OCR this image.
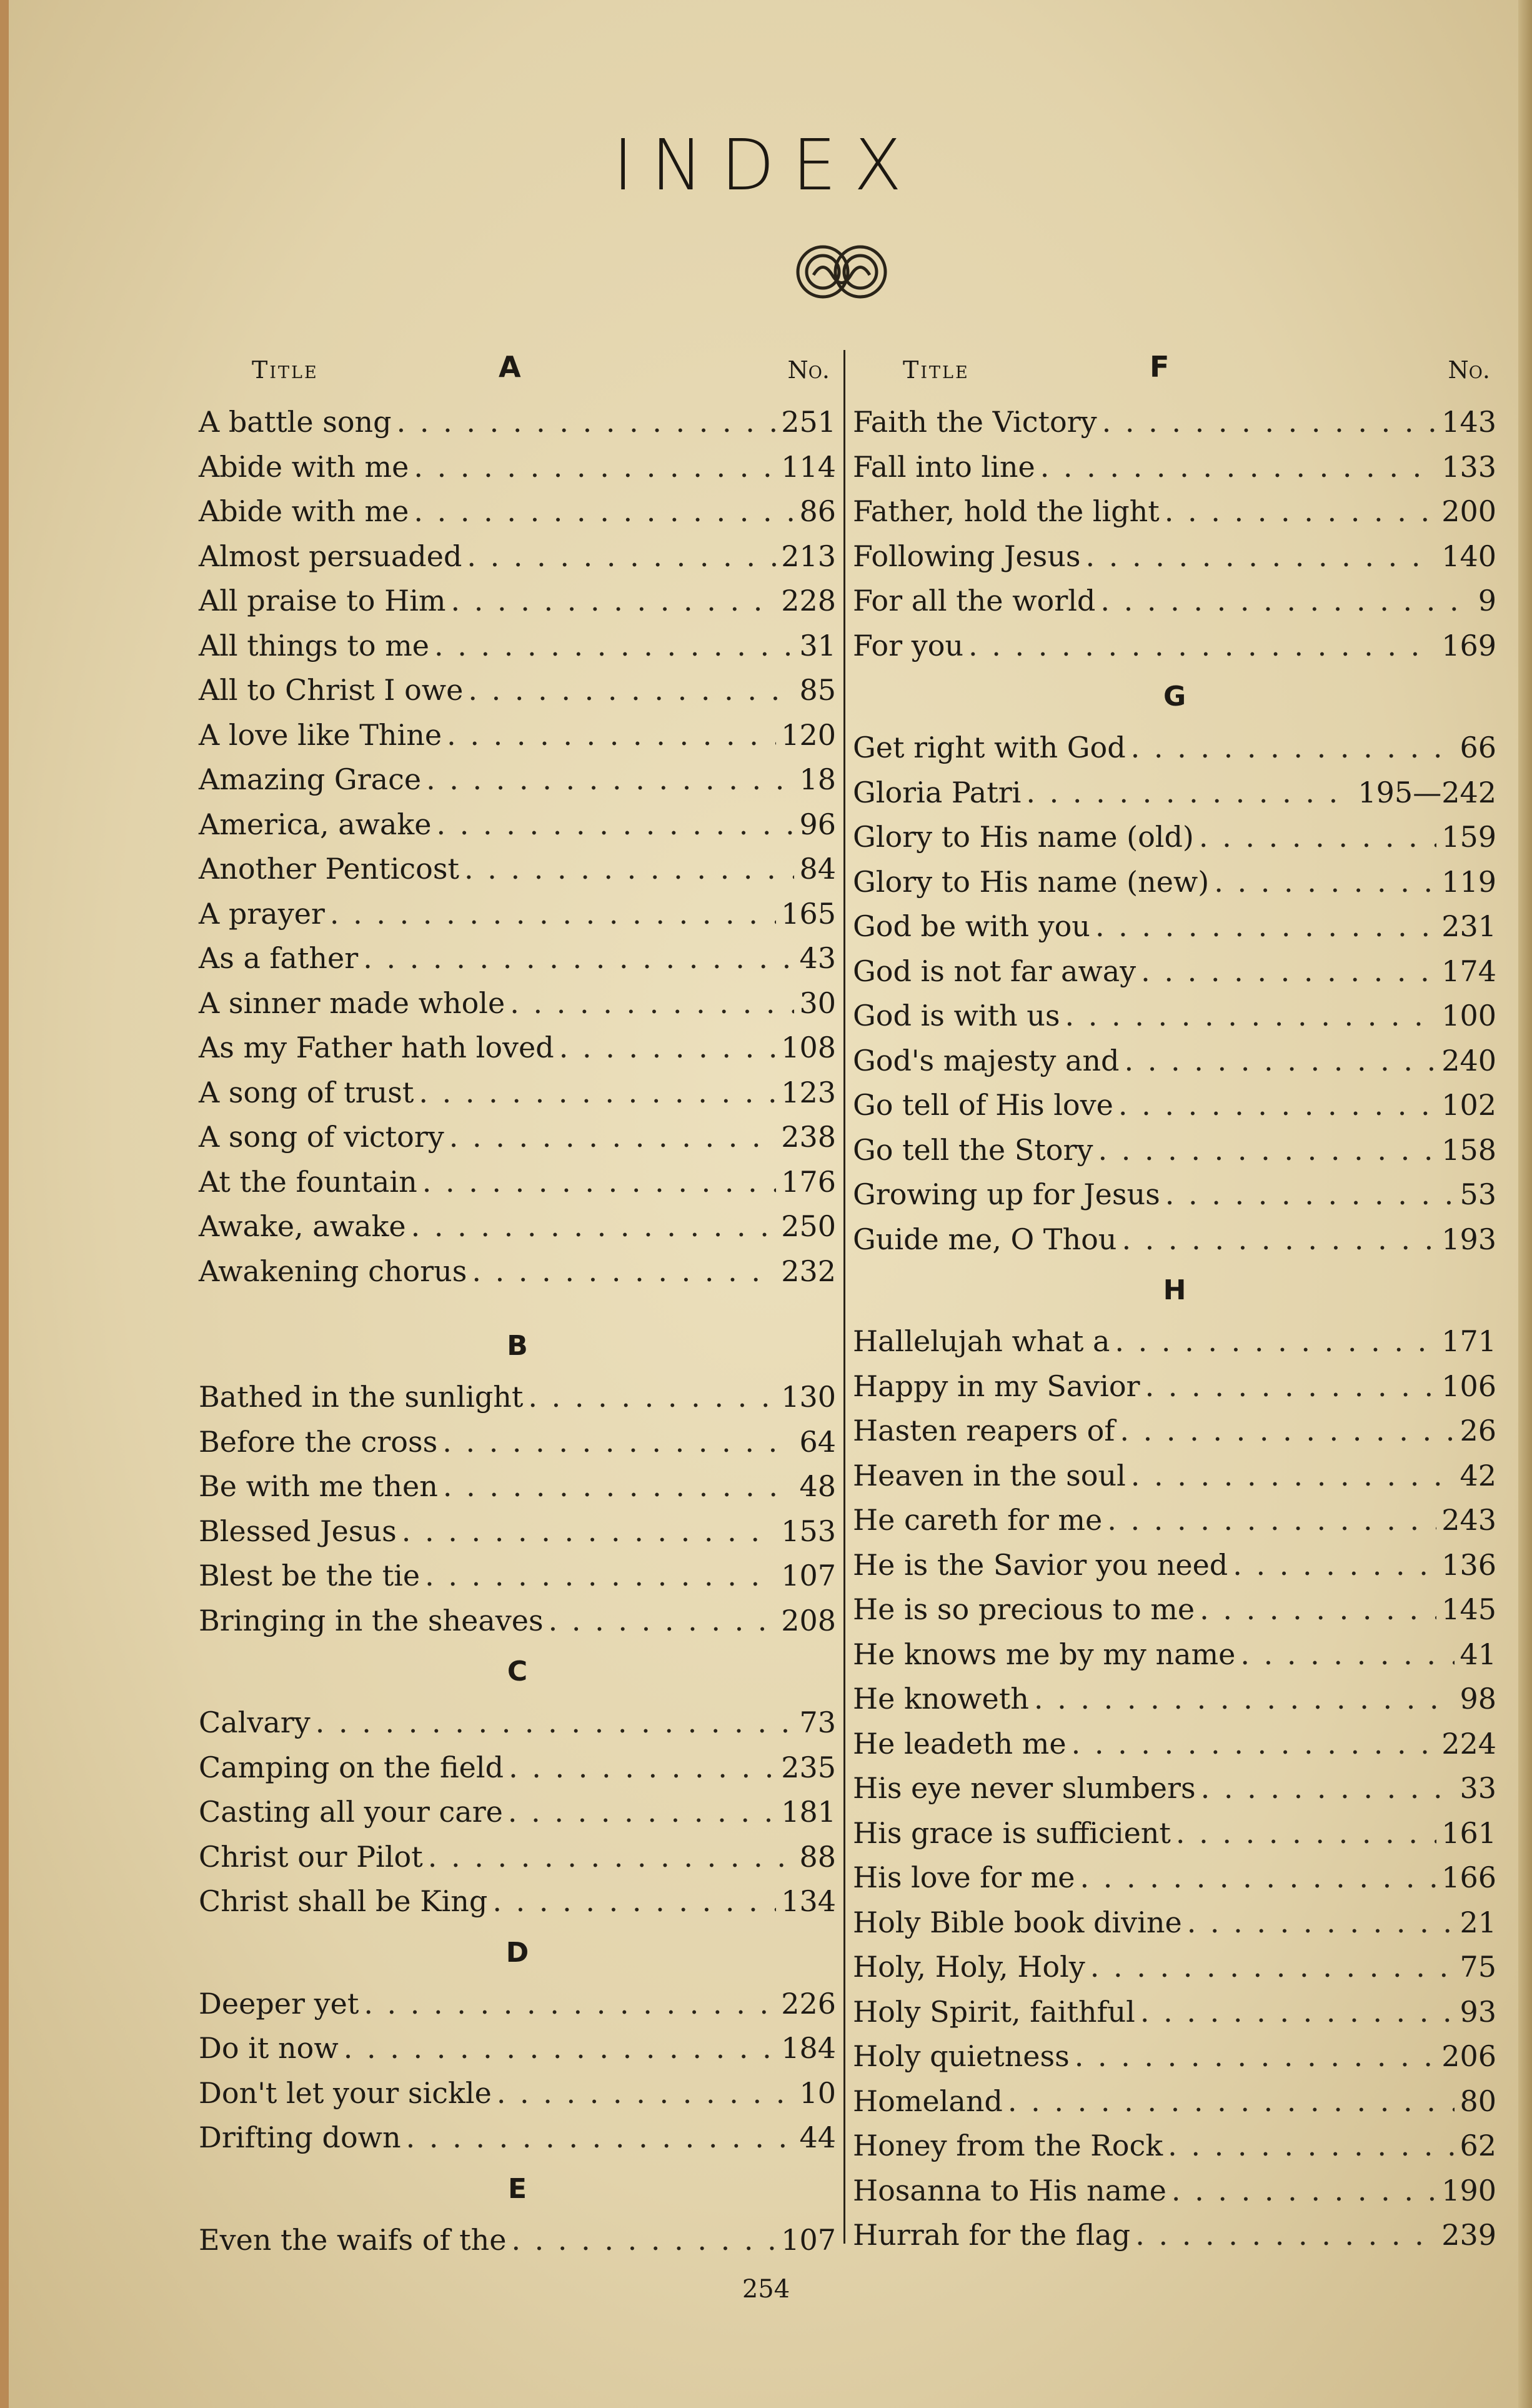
INDEX
Title	A	No.
A battle song . . .	251
Abide with me . . .	114
Abide with me . . .	86
Almost persuaded . . .	213
All praise to Him . . .	228
All things to me . . .	31
All to Christ I owe . . .	85
A love like Thine . . .	120
Amazing Grace . . .	18
America, awake . . .	96
Another Penticost . . .	84
A prayer . . .	165
As a father . . .	43
A sinner made whole . . .	30
As my Father hath loved . . .	108
A song of trust . . .	123
A song of victory . . .	238
At the fountain . . .	176
Awake, awake . . .	250
Awakening chorus . . .	232
B
Bathed in the sunlight . . .	130
Before the cross . . .	64
Be with me then . . .	48
Blessed Jesus . . .	153
Blest be the tie . . .	107
Bringing in the sheaves . . .	208
C
Calvary . . .	73
Camping on the field . . .	235
Casting all your care . . .	181
Christ our Pilot . . .	88
Christ shall be King . . .	134
D
Deeper yet . . .	226
Do it now . . .	184
Don't let your sickle . . .	10
Drifting down . . .	44
E
Even the waifs of the . . .	107
Title	F	No.
Faith the Victory . . .	143
Fall into line . . .	133
Father, hold the light . . .	200
Following Jesus . . .	140
For all the world . . .	9
For you . . .	169
G
Get right with God . . .	66
Gloria Patri . . .	195—242
Glory to His name (old) . . .	159
Glory to His name (new) . . .	119
God be with you . . .	231
God is not far away . . .	174
God is with us . . .	100
God's majesty and . . .	240
Go tell of His love . . .	102
Go tell the Story . . .	158
Growing up for Jesus . . .	53
Guide me, O Thou . . .	193
H
Hallelujah what a . . .	171
Happy in my Savior . . .	106
Hasten reapers of . . .	26
Heaven in the soul . . .	42
He careth for me . . .	243
He is the Savior you need . . .	136
He is so precious to me . . .	145
He knows me by my name . . .	41
He knoweth . . .	98
He leadeth me . . .	224
His eye never slumbers . . .	33
His grace is sufficient . . .	161
His love for me . . .	166
Holy Bible book divine . . .	21
Holy, Holy, Holy . . .	75
Holy Spirit, faithful . . .	93
Holy quietness . . .	206
Homeland . . .	80
Honey from the Rock . . .	62
Hosanna to His name . . .	190
Hurrah for the flag . . .	239
254
